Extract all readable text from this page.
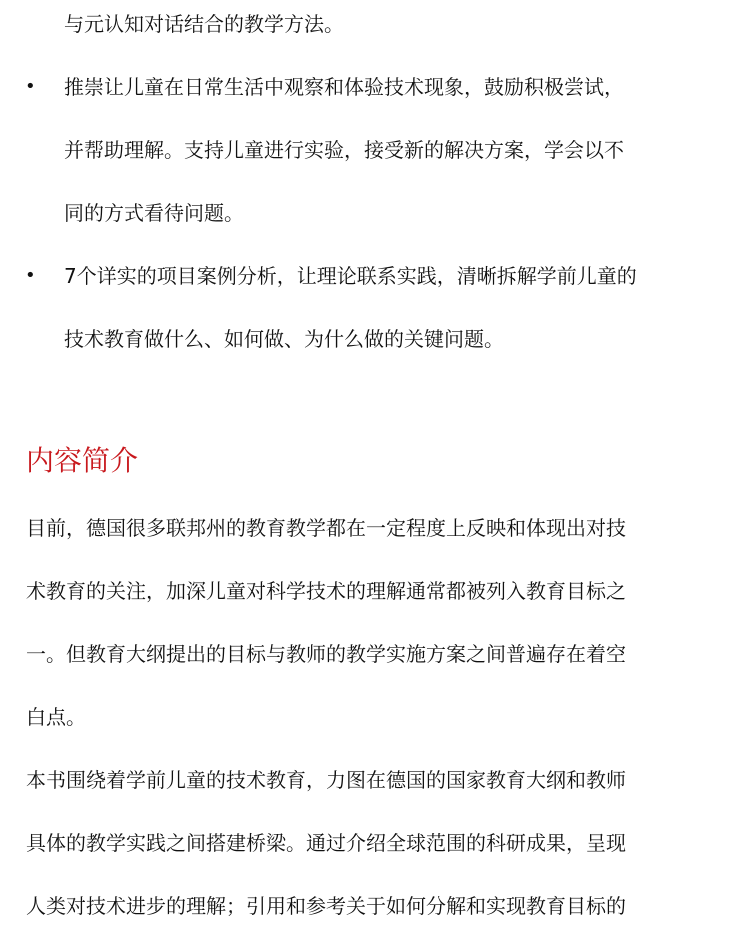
与元认知对话结合的教学方法。
• 推崇让儿童在日常生活中观察和体验技术现象，鼓励积极尝试，
并帮助理解。支持儿童进行实验，接受新的解决方案，学会以不
同的方式看待问题。
• 7个详实的项目案例分析，让理论联系实践，清晰拆解学前儿童的
技术教育做什么、如何做、为什么做的关键问题。
内容简介
目前，德国很多联邦州的教育教学都在一定程度上反映和体现出对技
术教育的关注，加深儿童对科学技术的理解通常都被列入教育目标之
一。但教育大纲提出的目标与教师的教学实施方案之间普遍存在着空
白点。
本书围绕着学前儿童的技术教育，力图在德国的国家教育大纲和教师
具体的教学实践之间搭建桥梁。通过介绍全球范围的科研成果，呈现
人类对技术进步的理解；引用和参考关于如何分解和实现教育目标的
